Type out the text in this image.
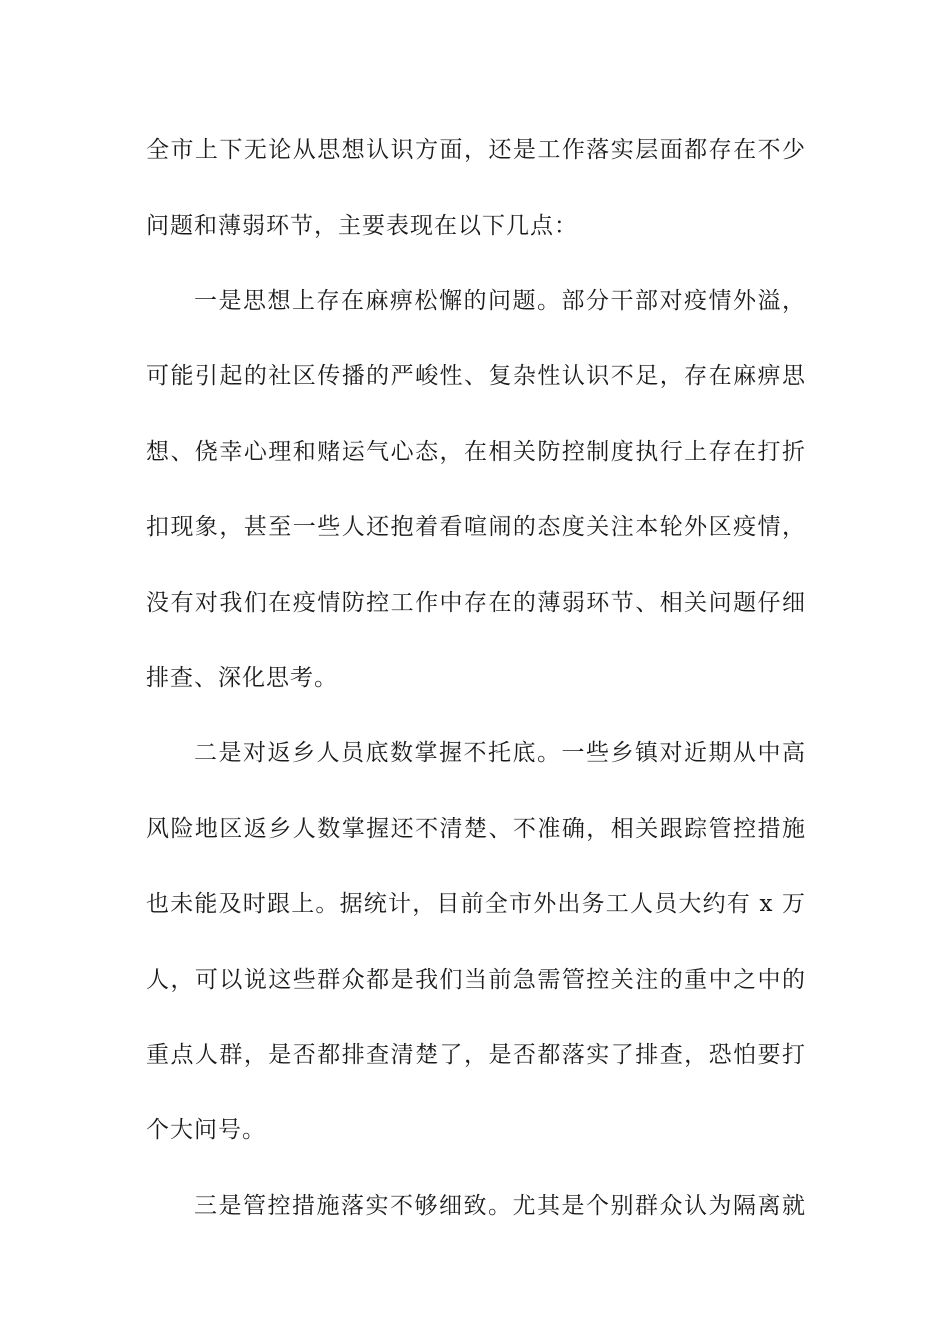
全市上下无论从思想认识方面，还是工作落实层面都存在不少
问题和薄弱环节，主要表现在以下几点：
一是思想上存在麻痹松懈的问题。部分干部对疫情外溢，
可能引起的社区传播的严峻性、复杂性认识不足，存在麻痹思
想、侥幸心理和赌运气心态，在相关防控制度执行上存在打折
扣现象，甚至一些人还抱着看喧闹的态度关注本轮外区疫情，
没有对我们在疫情防控工作中存在的薄弱环节、相关问题仔细
排查、深化思考。
二是对返乡人员底数掌握不托底。一些乡镇对近期从中高
风险地区返乡人数掌握还不清楚、不准确，相关跟踪管控措施
也未能及时跟上。据统计，目前全市外出务工人员大约有 x 万
人，可以说这些群众都是我们当前急需管控关注的重中之中的
重点人群，是否都排查清楚了，是否都落实了排查，恐怕要打
个大问号。
三是管控措施落实不够细致。尤其是个别群众认为隔离就
